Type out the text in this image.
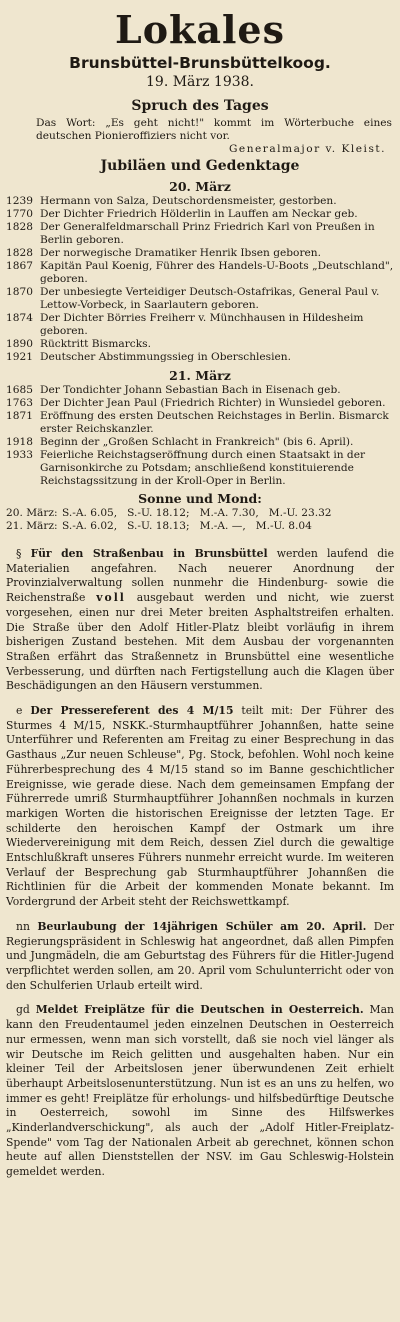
Lokales
Brunsbüttel-Brunsbüttelkoog.
19. März 1938.
Spruch des Tages
Das Wort: „Es geht nicht!" kommt im Wörterbuche eines deutschen Pionieroffiziers nicht vor.
Generalmajor v. Kleist.
Jubiläen und Gedenktage
20. März
1239 Hermann von Salza, Deutschordensmeister, gestorben.
1770 Der Dichter Friedrich Hölderlin in Lauffen am Neckar geb.
1828 Der Generalfeldmarschall Prinz Friedrich Karl von Preußen in Berlin geboren.
1828 Der norwegische Dramatiker Henrik Ibsen geboren.
1867 Kapitän Paul Koenig, Führer des Handels-U-Boots „Deutschland", geboren.
1870 Der unbesiegte Verteidiger Deutsch-Ostafrikas, General Paul v. Lettow-Vorbeck, in Saarlautern geboren.
1874 Der Dichter Börries Freiherr v. Münchhausen in Hildesheim geboren.
1890 Rücktritt Bismarcks.
1921 Deutscher Abstimmungssieg in Oberschlesien.
21. März
1685 Der Tondichter Johann Sebastian Bach in Eisenach geb.
1763 Der Dichter Jean Paul (Friedrich Richter) in Wunsiedel geboren.
1871 Eröffnung des ersten Deutschen Reichstages in Berlin. Bismarck erster Reichskanzler.
1918 Beginn der „Großen Schlacht in Frankreich" (bis 6. April).
1933 Feierliche Reichstagseröffnung durch einen Staatsakt in der Garnisonkirche zu Potsdam; anschließend konstituierende Reichstagssitzung in der Kroll-Oper in Berlin.
Sonne und Mond:
20. März: S.-A. 6.05, S.-U. 18.12; M.-A. 7.30, M.-U. 23.32
21. März: S.-A. 6.02, S.-U. 18.13; M.-A. —, M.-U. 8.04
§ Für den Straßenbau in Brunsbüttel werden laufend die Materialien angefahren. Nach neuerer Anordnung der Provinzialverwaltung sollen nunmehr die Hindenburg- sowie die Reichenstraße voll ausgebaut werden und nicht, wie zuerst vorgesehen, einen nur drei Meter breiten Asphaltstreifen erhalten. Die Straße über den Adolf Hitler-Platz bleibt vorläufig in ihrem bisherigen Zustand bestehen. Mit dem Ausbau der vorgenannten Straßen erfährt das Straßennetz in Brunsbüttel eine wesentliche Verbesserung, und dürften nach Fertigstellung auch die Klagen über Beschädigungen an den Häusern verstummen.
e Der Pressereferent des 4 M/15 teilt mit: Der Führer des Sturmes 4 M/15, NSKK.-Sturmhauptführer Johannßen, hatte seine Unterführer und Referenten am Freitag zu einer Besprechung in das Gasthaus „Zur neuen Schleuse", Pg. Stock, befohlen. Wohl noch keine Führerbesprechung des 4 M/15 stand so im Banne geschichtlicher Ereignisse, wie gerade diese. Nach dem gemeinsamen Empfang der Führerrede umriß Sturmhauptführer Johannßen nochmals in kurzen markigen Worten die historischen Ereignisse der letzten Tage. Er schilderte den heroischen Kampf der Ostmark um ihre Wiedervereinigung mit dem Reich, dessen Ziel durch die gewaltige Entschlußkraft unseres Führers nunmehr erreicht wurde. Im weiteren Verlauf der Besprechung gab Sturmhauptführer Johannßen die Richtlinien für die Arbeit der kommenden Monate bekannt. Im Vordergrund der Arbeit steht der Reichswettkampf.
nn Beurlaubung der 14jährigen Schüler am 20. April. Der Regierungspräsident in Schleswig hat angeordnet, daß allen Pimpfen und Jungmädeln, die am Geburtstag des Führers für die Hitler-Jugend verpflichtet werden sollen, am 20. April vom Schulunterricht oder von den Schulferien Urlaub erteilt wird.
gd Meldet Freiplätze für die Deutschen in Oesterreich. Man kann den Freudentaumel jeden einzelnen Deutschen in Oesterreich nur ermessen, wenn man sich vorstellt, daß sie noch viel länger als wir Deutsche im Reich gelitten und ausgehalten haben. Nur ein kleiner Teil der Arbeitslosen jener überwundenen Zeit erhielt überhaupt Arbeitslosenunterstützung. Nun ist es an uns zu helfen, wo immer es geht! Freiplätze für erholungs- und hilfsbedürftige Deutsche in Oesterreich, sowohl im Sinne des Hilfswerkes „Kinderlandverschickung", als auch der „Adolf Hitler-Freiplatz-Spende" vom Tag der Nationalen Arbeit ab gerechnet, können schon heute auf allen Dienststellen der NSV. im Gau Schleswig-Holstein gemeldet werden.
